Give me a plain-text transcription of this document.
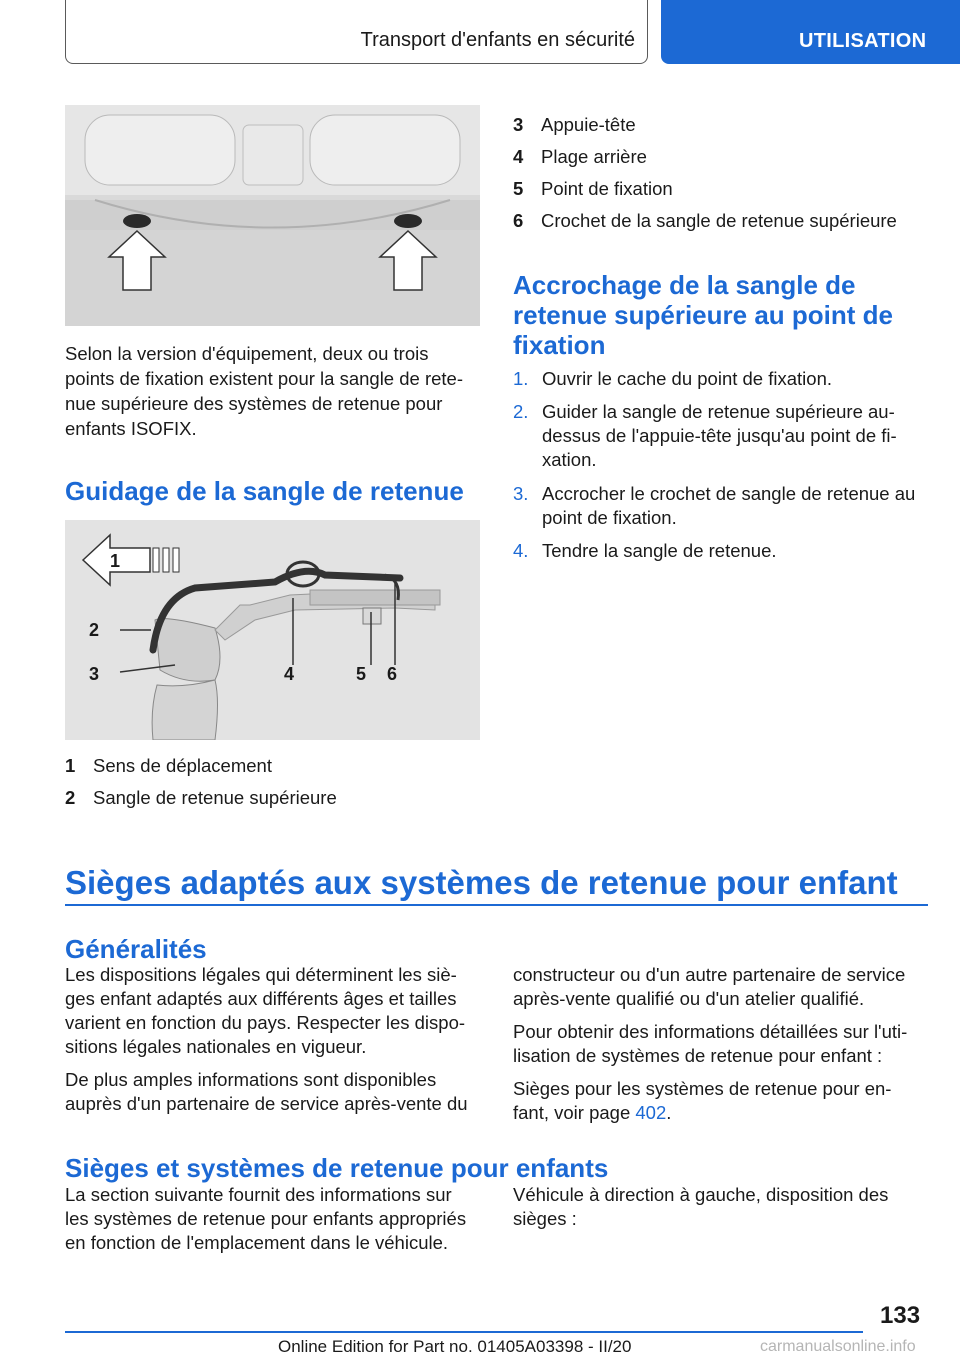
Transport d'enfants en sécurité	UTILISATION

Selon la version d'équipement, deux ou trois points de fixation existent pour la sangle de retenue supérieure des systèmes de retenue pour enfants ISOFIX.

Guidage de la sangle de retenue
1
2
3	4	5 6
1 Sens de déplacement
2 Sangle de retenue supérieure
3 Appuie-tête
4 Plage arrière
5 Point de fixation
6 Crochet de la sangle de retenue supérieure
Accrochage de la sangle de
retenue supérieure au point de
fixation
1. Ouvrir le cache du point de fixation.
2. Guider la sangle de retenue supérieure au-
dessus de l'appuie-tête jusqu'au point de fi-
xation.
3. Accrocher le crochet de sangle de retenue au
point de fixation.
4. Tendre la sangle de retenue.
Sièges adaptés aux systèmes de retenue pour enfant
Généralités
Les dispositions légales qui déterminent les siè-
ges enfant adaptés aux différents âges et tailles
varient en fonction du pays. Respecter les dispo-
sitions légales nationales en vigueur.
De plus amples informations sont disponibles
auprès d'un partenaire de service après-vente du
constructeur ou d'un autre partenaire de service
après-vente qualifié ou d'un atelier qualifié.
Pour obtenir des informations détaillées sur l'uti-
lisation de systèmes de retenue pour enfant :
Sièges pour les systèmes de retenue pour en-
fant, voir page 402.
Sièges et systèmes de retenue pour enfants
La section suivante fournit des informations sur
les systèmes de retenue pour enfants appropriés
en fonction de l'emplacement dans le véhicule.
Véhicule à direction à gauche, disposition des
sièges :
133
Online Edition for Part no. 01405A03398 - II/20	carmanualsonline.info
